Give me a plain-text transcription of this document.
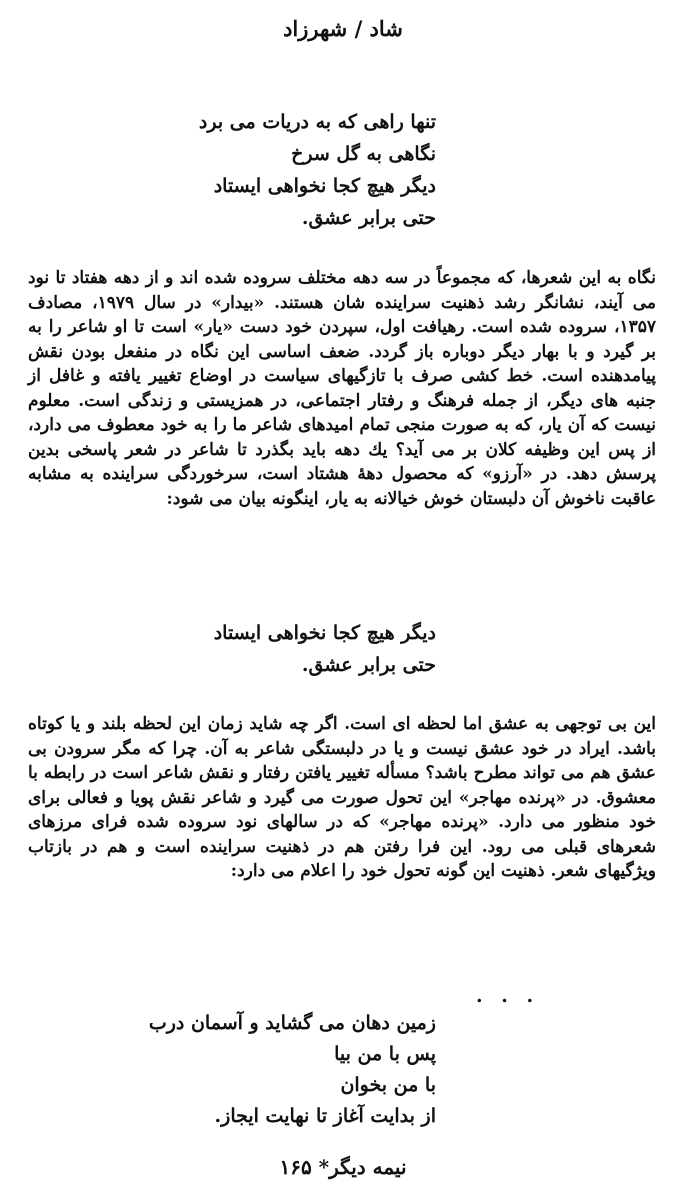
شاد / شهرزاد
تنها راهی که به دریات می برد
نگاهی به گل سرخ
دیگر هیچ کجا نخواهی ایستاد
حتی برابر عشق.
نگاه به این شعرها، که مجموعاً در سه دهه مختلف سروده شده اند و از دهه هفتاد تا نود می آیند، نشانگر رشد ذهنیت سراینده شان هستند. «بیدار» در سال ۱۹۷۹، مصادف ۱۳۵۷، سروده شده است. رهیافت اول، سپردن خود دست «یار» است تا او شاعر را به بر گیرد و با بهار دیگر دوباره باز گردد. ضعف اساسی این نگاه در منفعل بودن نقش پیامدهنده است. خط کشی صرف با تازگیهای سیاست در اوضاع تغییر یافته و غافل از جنبه های دیگر، از جمله فرهنگ و رفتار اجتماعی، در همزیستی و زندگی است. معلوم نیست که آن یار، که به صورت منجی تمام امیدهای شاعر ما را به خود معطوف می دارد، از پس این وظیفه کلان بر می آید؟ یك دهه باید بگذرد تا شاعر در شعر پاسخی بدین پرسش دهد. در «آرزو» که محصول دههٔ هشتاد است، سرخوردگی سراینده به مشابه عاقبت ناخوش آن دلبستان خوش خیالانه به یار، اینگونه بیان می شود:
دیگر هیچ کجا نخواهی ایستاد
حتی برابر عشق.
این بی توجهی به عشق اما لحظه ای است. اگر چه شاید زمان این لحظه بلند و یا کوتاه باشد. ایراد در خود عشق نیست و یا در دلبستگی شاعر به آن. چرا که مگر سرودن بی عشق هم می تواند مطرح باشد؟ مسأله تغییر یافتن رفتار و نقش شاعر است در رابطه با معشوق. در «پرنده مهاجر» این تحول صورت می گیرد و شاعر نقش پویا و فعالی برای خود منظور می دارد. «پرنده مهاجر» که در سالهای نود سروده شده فرای مرزهای شعرهای قبلی می رود. این فرا رفتن هم در ذهنیت سراینده است و هم در بازتاب ویژگیهای شعر. ذهنیت این گونه تحول خود را اعلام می دارد:
. . .
زمین دهان می گشاید و آسمان درب
پس با من بیا
با من بخوان
از بدایت آغاز تا نهایت ایجاز.
نیمه دیگر* ۱۶۵
